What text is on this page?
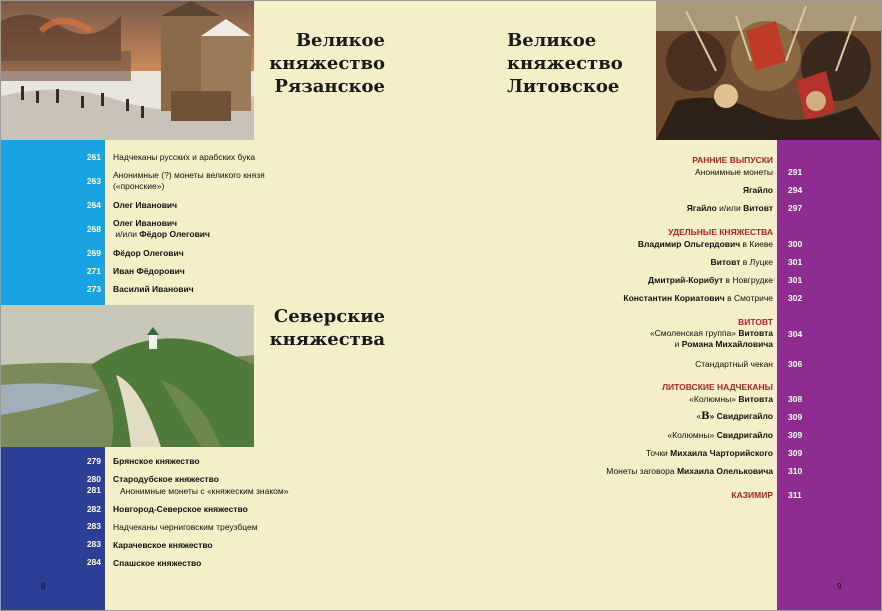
Великое
княжество
Рязанское
Великое
княжество
Литовское
Северские
княжества
261 Надчеканы русских и арабских бука
263
Анонимные (?) монеты великого князя
(«пронские»)
264 Олег Иванович
268
Олег Иванович
и/или Фёдор Олегович
269 Фёдор Олегович
271 Иван Фёдорович
273 Василий Иванович
279 Брянское княжество
280 Стародубское княжество
281 Анонимные монеты с «княжеским знаком»
282 Новгород-Северское княжество
283 Надчеканы черниговским треузбцем
283 Карачевское княжество
284 Спашское княжество
РАННИЕ ВЫПУСКИ
Анонимные монеты 291
Ягайло 294
Ягайло и/или Витовт 297
УДЕЛЬНЫЕ КНЯЖЕСТВА
Владимир Ольгердович в Киеве 300
Витовт в Луцке 301
Дмитрий-Корибут в Новгрудке 301
Константин Кориатович в Смотриче 302
ВИТОВТ
«Смоленская группа» Витовта
и Романа Михайловича
304
Стандартный чекан 306
ЛИТОВСКИЕ НАДЧЕКАНЫ
«Колюмны» Витовта 308
«В» Свидригайло 309
«Колюмны» Свидригайло 309
Точки Михаила Чарторийского 309
Монеты заговора Михаила Олельковича 310
КАЗИМИР 311
8	9
